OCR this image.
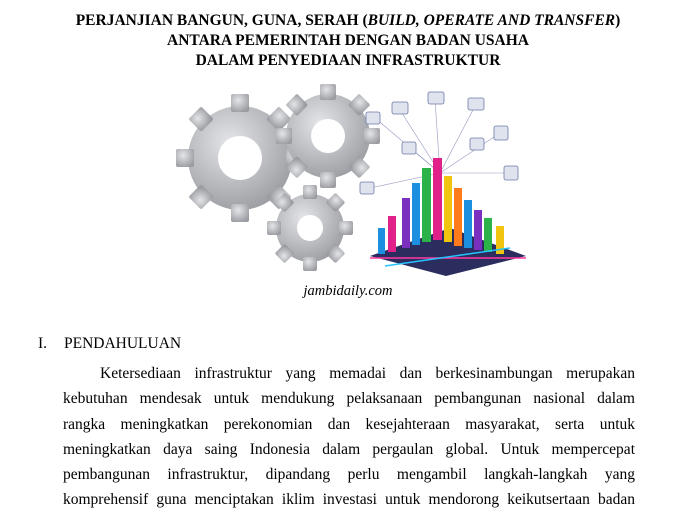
PERJANJIAN BANGUN, GUNA, SERAH (BUILD, OPERATE AND TRANSFER)
ANTARA PEMERINTAH DENGAN BADAN USAHA
DALAM PENYEDIAAN INFRASTRUKTUR
jambidaily.com
I. PENDAHULUAN
Ketersediaan infrastruktur yang memadai dan berkesinambungan merupakan
kebutuhan mendesak untuk mendukung pelaksanaan pembangunan nasional dalam
rangka meningkatkan perekonomian dan kesejahteraan masyarakat, serta untuk
meningkatkan daya saing Indonesia dalam pergaulan global. Untuk mempercepat
pembangunan infrastruktur, dipandang perlu mengambil langkah-langkah yang
komprehensif guna menciptakan iklim investasi untuk mendorong keikutsertaan badan
